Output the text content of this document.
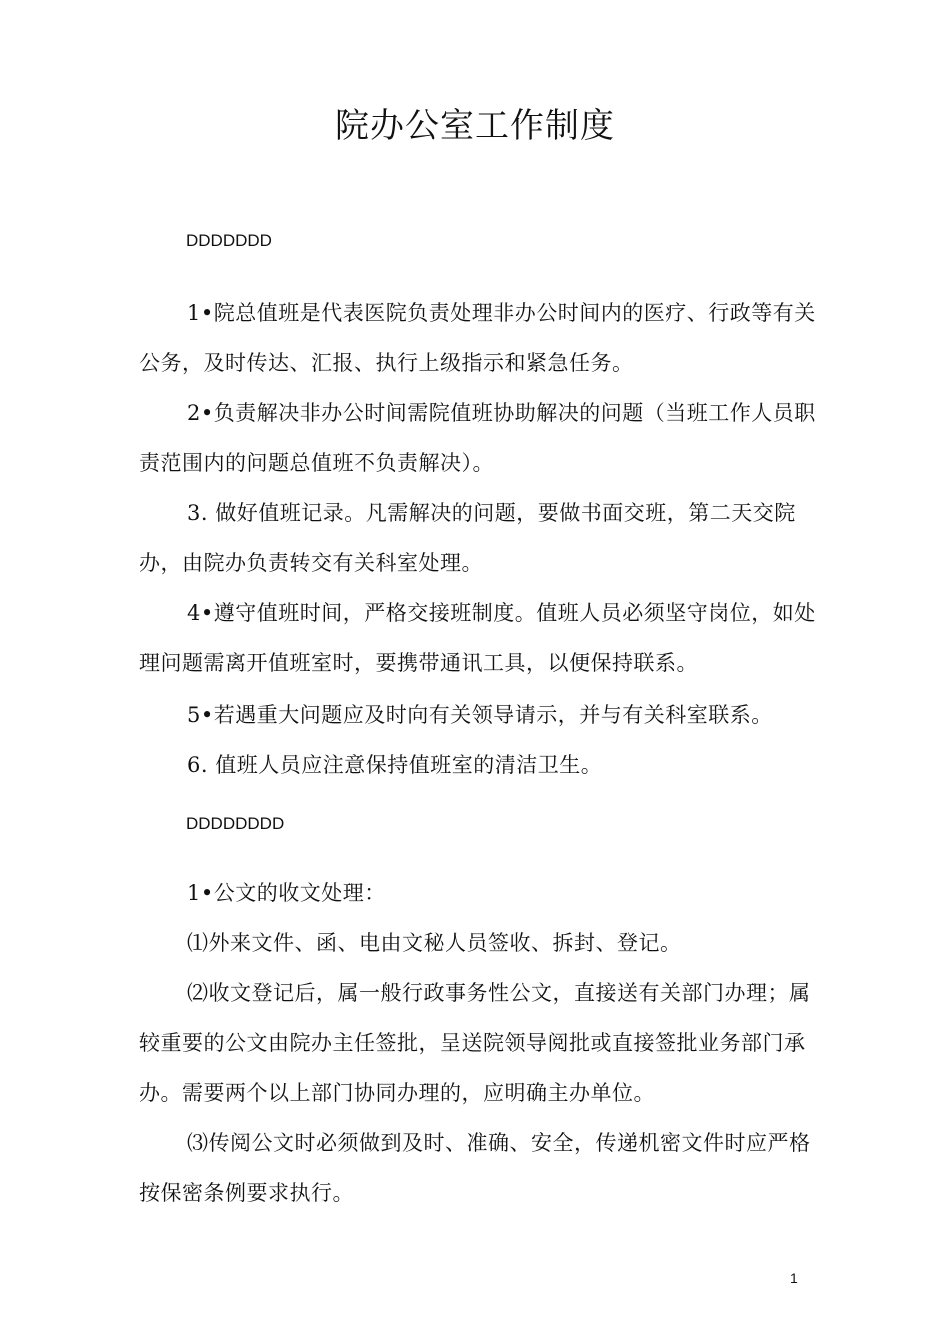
院办公室工作制度
DDDDDDD
1•院总值班是代表医院负责处理非办公时间内的医疗、行政等有关公务，及时传达、汇报、执行上级指示和紧急任务。
2•负责解决非办公时间需院值班协助解决的问题（当班工作人员职责范围内的问题总值班不负责解决）。
3. 做好值班记录。凡需解决的问题，要做书面交班，第二天交院办，由院办负责转交有关科室处理。
4•遵守值班时间，严格交接班制度。值班人员必须坚守岗位，如处理问题需离开值班室时，要携带通讯工具，以便保持联系。
5•若遇重大问题应及时向有关领导请示，并与有关科室联系。
6. 值班人员应注意保持值班室的清洁卫生。
DDDDDDDD
1•公文的收文处理：
⑴外来文件、函、电由文秘人员签收、拆封、登记。
⑵收文登记后，属一般行政事务性公文，直接送有关部门办理；属较重要的公文由院办主任签批，呈送院领导阅批或直接签批业务部门承办。需要两个以上部门协同办理的，应明确主办单位。
⑶传阅公文时必须做到及时、准确、安全，传递机密文件时应严格按保密条例要求执行。
1
